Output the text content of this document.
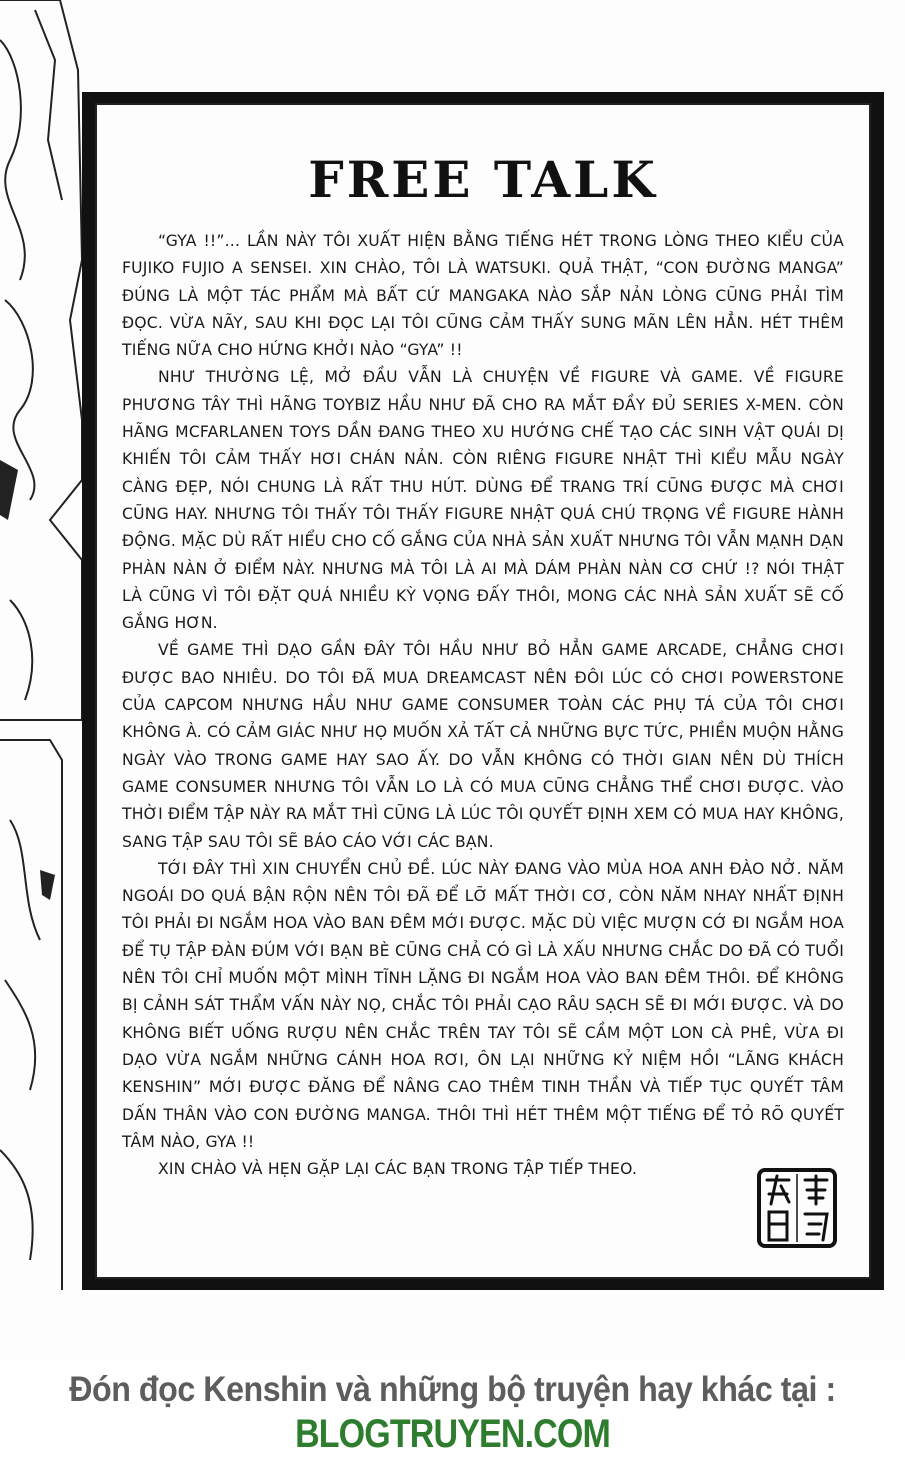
FREE TALK

“GYA !!”... LẦN NÀY TÔI XUẤT HIỆN BẰNG TIẾNG HÉT TRONG LÒNG THEO KIỂU CỦA FUJIKO FUJIO A SENSEI. XIN CHÀO, TÔI LÀ WATSUKI. QUẢ THẬT, “CON ĐƯỜNG MANGA” ĐÚNG LÀ MỘT TÁC PHẨM MÀ BẤT CỨ MANGAKA NÀO SẮP NẢN LÒNG CŨNG PHẢI TÌM ĐỌC. VỪA NÃY, SAU KHI ĐỌC LẠI TÔI CŨNG CẢM THẤY SUNG MÃN LÊN HẲN. HÉT THÊM TIẾNG NỮA CHO HỨNG KHỞI NÀO “GYA” !!

NHƯ THƯỜNG LỆ, MỞ ĐẦU VẪN LÀ CHUYỆN VỀ FIGURE VÀ GAME. VỀ FIGURE PHƯƠNG TÂY THÌ HÃNG TOYBIZ HẦU NHƯ ĐÃ CHO RA MẮT ĐẦY ĐỦ SERIES X-MEN. CÒN HÃNG MCFARLANEN TOYS DẦN ĐANG THEO XU HƯỚNG CHẾ TẠO CÁC SINH VẬT QUÁI DỊ KHIẾN TÔI CẢM THẤY HƠI CHÁN NẢN. CÒN RIÊNG FIGURE NHẬT THÌ KIỂU MẪU NGÀY CÀNG ĐẸP, NÓI CHUNG LÀ RẤT THU HÚT. DÙNG ĐỂ TRANG TRÍ CŨNG ĐƯỢC MÀ CHƠI CŨNG HAY. NHƯNG TÔI THẤY TÔI THẤY FIGURE NHẬT QUÁ CHÚ TRỌNG VỀ FIGURE HÀNH ĐỘNG. MẶC DÙ RẤT HIỂU CHO CỐ GẮNG CỦA NHÀ SẢN XUẤT NHƯNG TÔI VẪN MẠNH DẠN PHÀN NÀN Ở ĐIỂM NÀY. NHƯNG MÀ TÔI LÀ AI MÀ DÁM PHÀN NÀN CƠ CHỨ !? NÓI THẬT LÀ CŨNG VÌ TÔI ĐẶT QUÁ NHIỀU KỲ VỌNG ĐẤY THÔI, MONG CÁC NHÀ SẢN XUẤT SẼ CỐ GẮNG HƠN.

VỀ GAME THÌ DẠO GẦN ĐÂY TÔI HẦU NHƯ BỎ HẲN GAME ARCADE, CHẲNG CHƠI ĐƯỢC BAO NHIÊU. DO TÔI ĐÃ MUA DREAMCAST NÊN ĐÔI LÚC CÓ CHƠI POWERSTONE CỦA CAPCOM NHƯNG HẦU NHƯ GAME CONSUMER TOÀN CÁC PHỤ TÁ CỦA TÔI CHƠI KHÔNG À. CÓ CẢM GIÁC NHƯ HỌ MUỐN XẢ TẤT CẢ NHỮNG BỰC TỨC, PHIỀN MUỘN HẰNG NGÀY VÀO TRONG GAME HAY SAO ẤY. DO VẪN KHÔNG CÓ THỜI GIAN NÊN DÙ THÍCH GAME CONSUMER NHƯNG TÔI VẪN LO LÀ CÓ MUA CŨNG CHẲNG THỂ CHƠI ĐƯỢC. VÀO THỜI ĐIỂM TẬP NÀY RA MẮT THÌ CŨNG LÀ LÚC TÔI QUYẾT ĐỊNH XEM CÓ MUA HAY KHÔNG, SANG TẬP SAU TÔI SẼ BÁO CÁO VỚI CÁC BẠN.

TỚI ĐÂY THÌ XIN CHUYỂN CHỦ ĐỀ. LÚC NÀY ĐANG VÀO MÙA HOA ANH ĐÀO NỞ. NĂM NGOÁI DO QUÁ BẬN RỘN NÊN TÔI ĐÃ ĐỂ LỠ MẤT THỜI CƠ, CÒN NĂM NHAY NHẤT ĐỊNH TÔI PHẢI ĐI NGẮM HOA VÀO BAN ĐÊM MỚI ĐƯỢC. MẶC DÙ VIỆC MƯỢN CỚ ĐI NGẮM HOA ĐỂ TỤ TẬP ĐÀN ĐÚM VỚI BẠN BÈ CŨNG CHẢ CÓ GÌ LÀ XẤU NHƯNG CHẮC DO ĐÃ CÓ TUỔI NÊN TÔI CHỈ MUỐN MỘT MÌNH TĨNH LẶNG ĐI NGẮM HOA VÀO BAN ĐÊM THÔI. ĐỂ KHÔNG BỊ CẢNH SÁT THẨM VẤN NÀY NỌ, CHẮC TÔI PHẢI CẠO RÂU SẠCH SẼ ĐI MỚI ĐƯỢC. VÀ DO KHÔNG BIẾT UỐNG RƯỢU NÊN CHẮC TRÊN TAY TÔI SẼ CẦM MỘT LON CÀ PHÊ, VỪA ĐI DẠO VỪA NGẮM NHỮNG CÁNH HOA RƠI, ÔN LẠI NHỮNG KỶ NIỆM HỒI “LÃNG KHÁCH KENSHIN” MỚI ĐƯỢC ĐĂNG ĐỂ NÂNG CAO THÊM TINH THẦN VÀ TIẾP TỤC QUYẾT TÂM DẤN THÂN VÀO CON ĐƯỜNG MANGA. THÔI THÌ HÉT THÊM MỘT TIẾNG ĐỂ TỎ RÕ QUYẾT TÂM NÀO, GYA !!

XIN CHÀO VÀ HẸN GẶP LẠI CÁC BẠN TRONG TẬP TIẾP THEO.

Đón đọc Kenshin và những bộ truyện hay khác tại :
BLOGTRUYEN.COM
